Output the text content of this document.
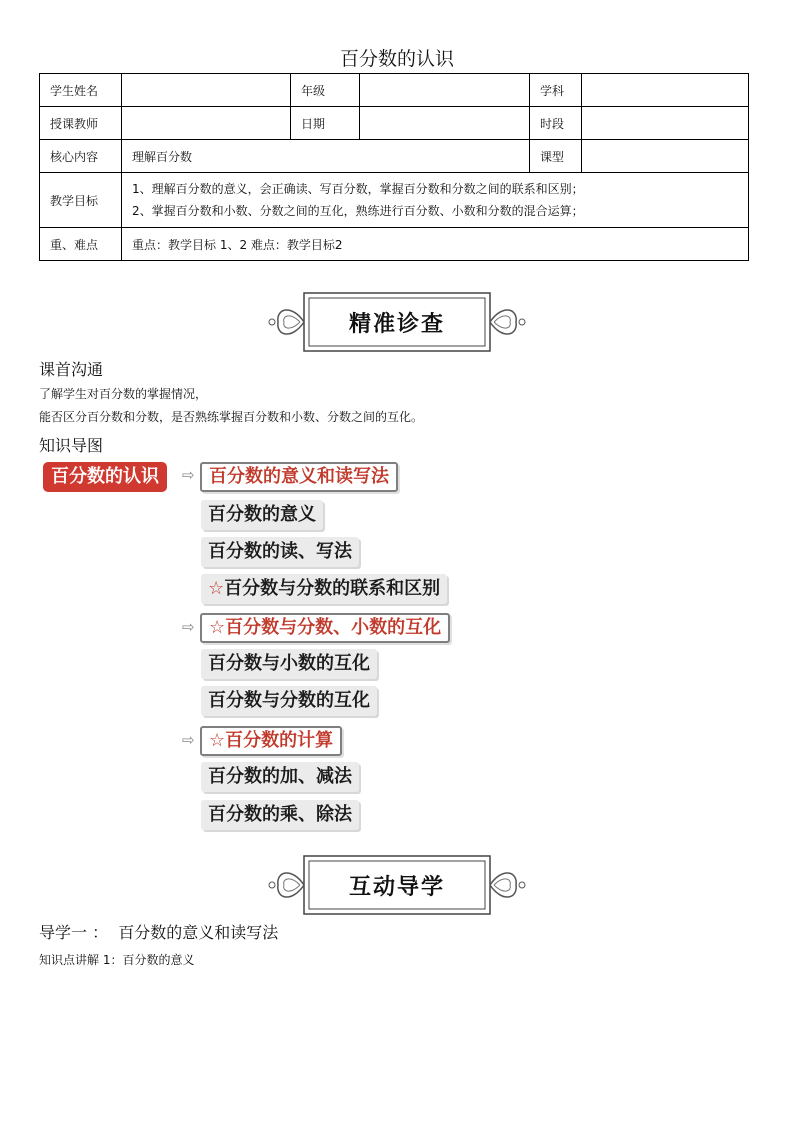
百分数的认识
学生姓名		年级		学科	
授课教师		日期		时段	
核心内容	理解百分数			课型	
教学目标	1、理解百分数的意义，会正确读、写百分数，掌握百分数和分数之间的联系和区别；
2、掌握百分数和小数、分数之间的互化，熟练进行百分数、小数和分数的混合运算；				

重、难点	重点：教学目标 1、2 难点：教学目标2				
精准诊查
课首沟通
了解学生对百分数的掌握情况，
能否区分百分数和分数，是否熟练掌握百分数和小数、分数之间的互化。
知识导图
百分数的认识	⇨ 百分数的意义和读写法
百分数的意义
百分数的读、写法
☆百分数与分数的联系和区别
⇨ ☆百分数与分数、小数的互化
百分数与小数的互化
百分数与分数的互化
⇨ ☆百分数的计算
百分数的加、减法
百分数的乘、除法
互动导学
导学一 ：  百分数的意义和读写法
知识点讲解 1：百分数的意义
